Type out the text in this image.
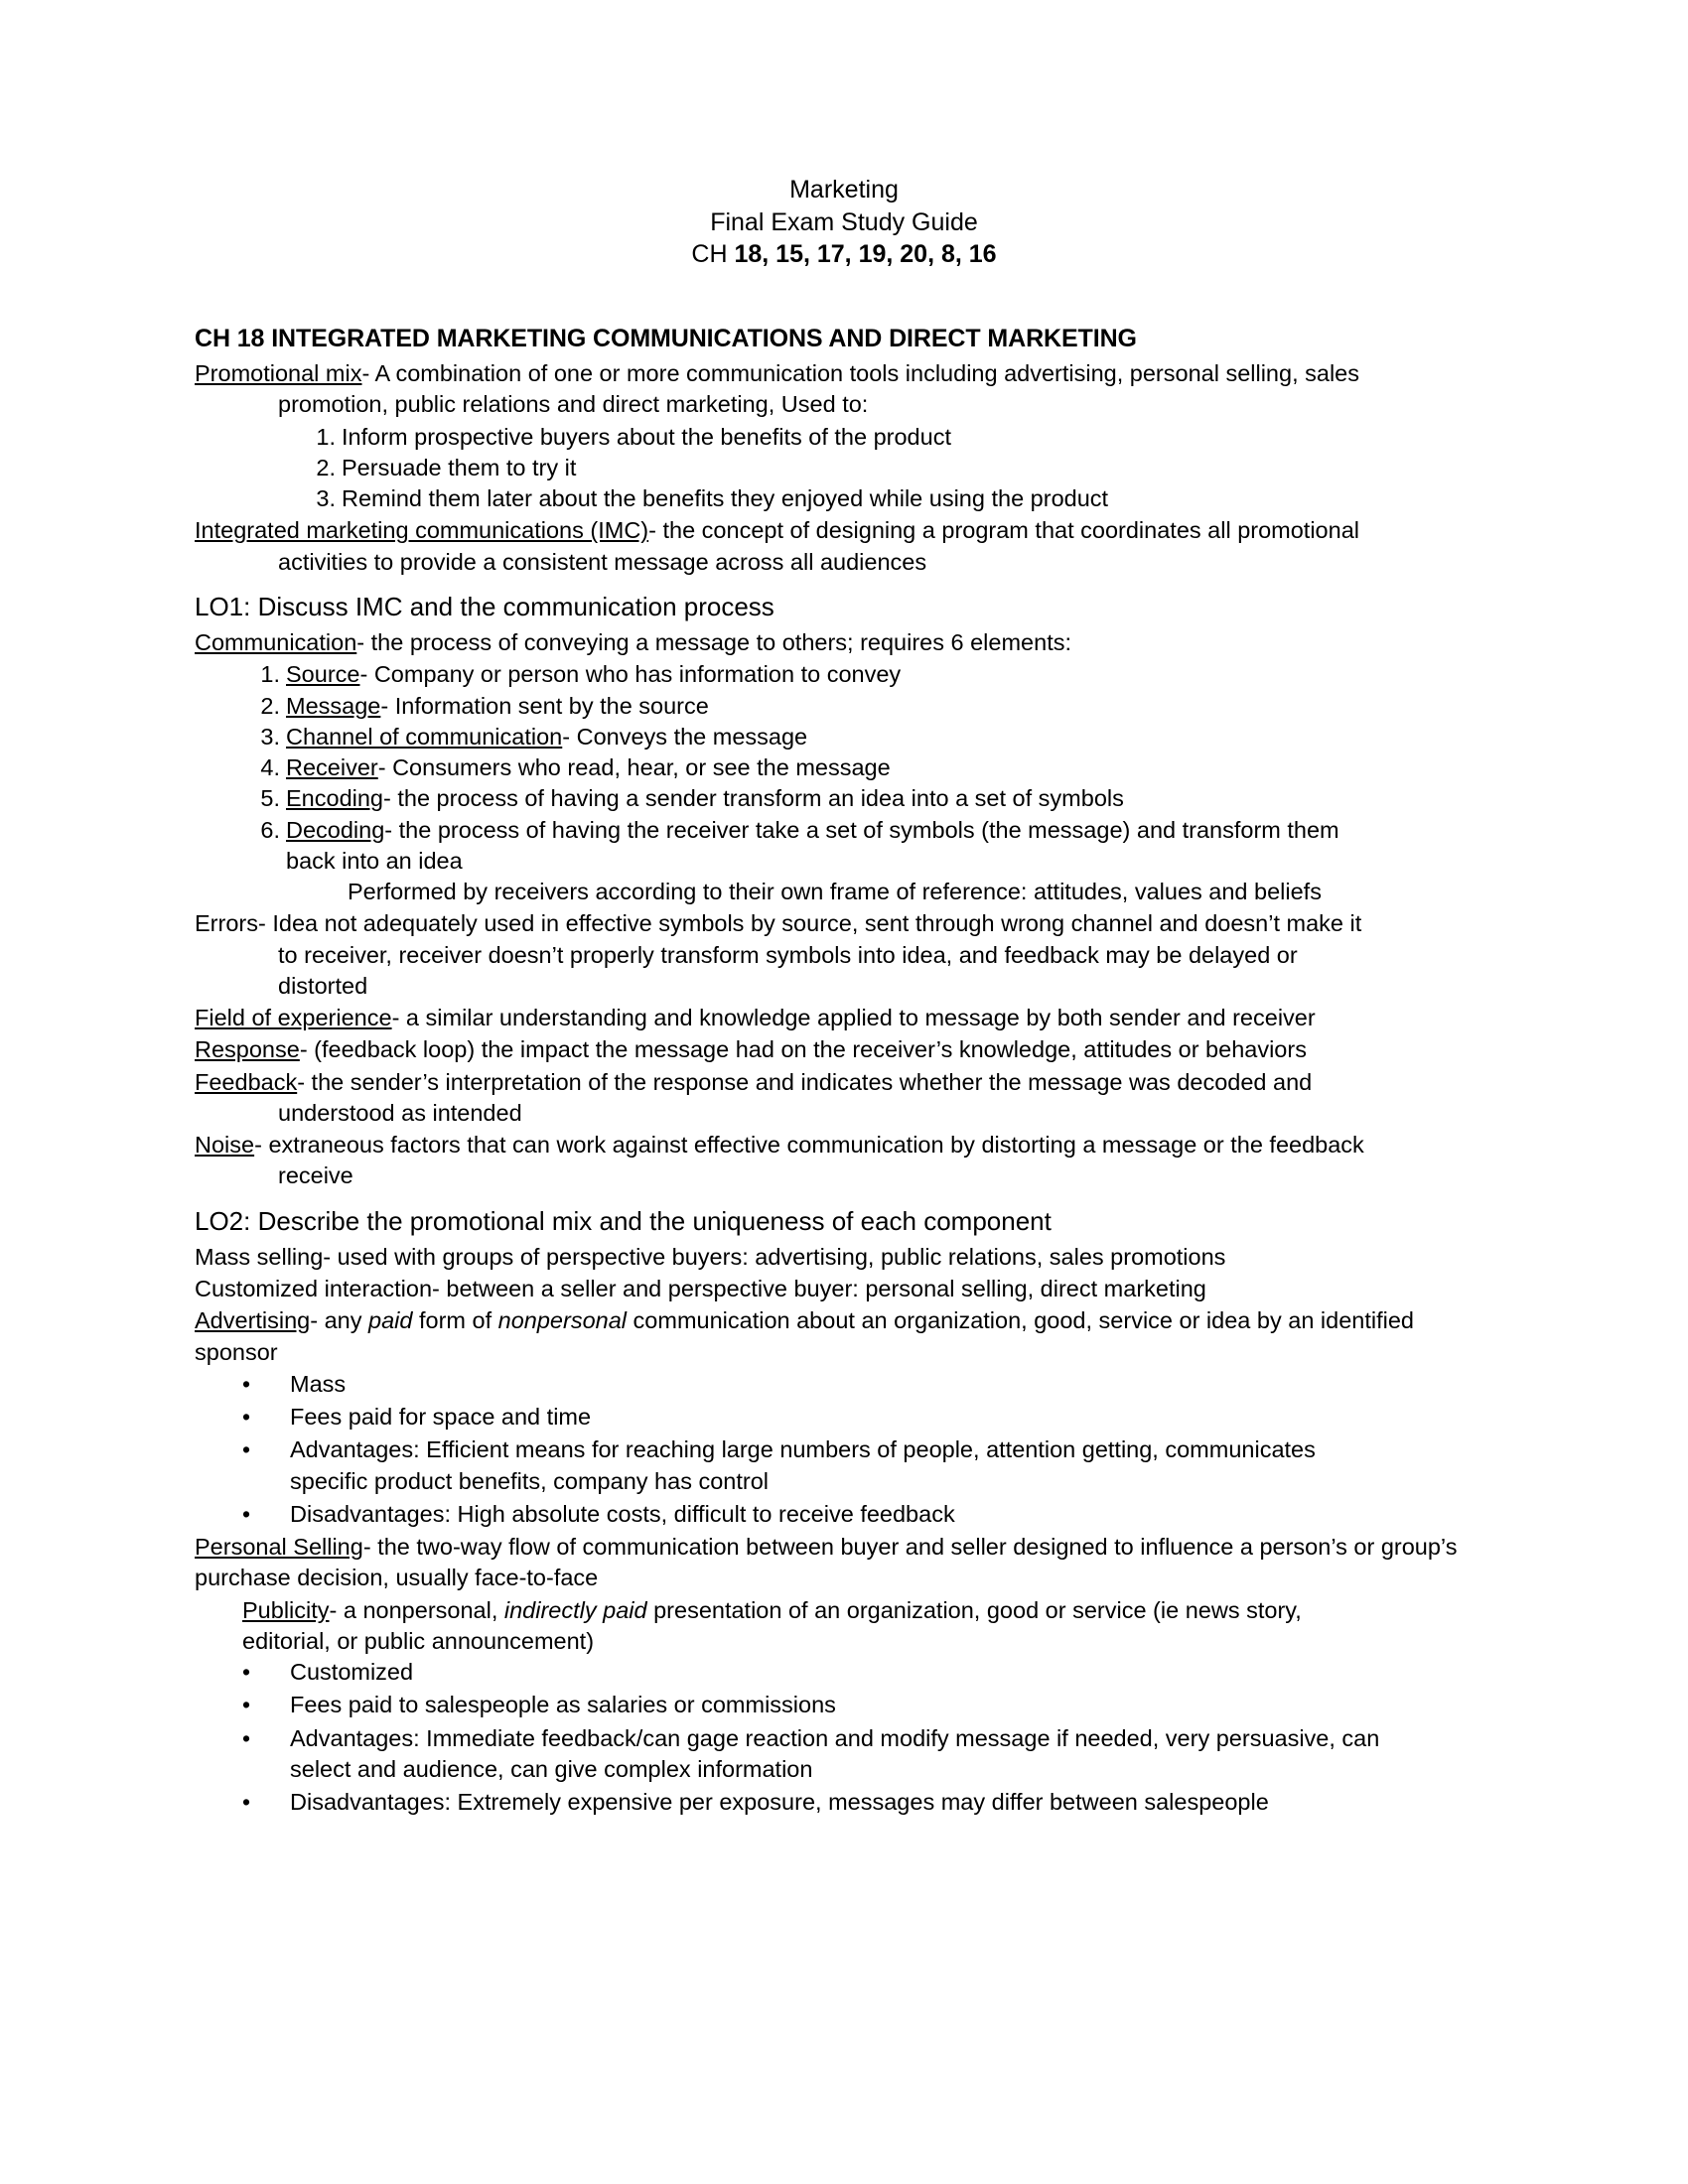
Marketing
Final Exam Study Guide
CH 18, 15, 17, 19, 20, 8, 16
CH 18 INTEGRATED MARKETING COMMUNICATIONS AND DIRECT MARKETING

Promotional mix- A combination of one or more communication tools including advertising, personal selling, sales
promotion, public relations and direct marketing, Used to:

1. Inform prospective buyers about the benefits of the product
2. Persuade them to try it
3. Remind them later about the benefits they enjoyed while using the product

Integrated marketing communications (IMC)- the concept of designing a program that coordinates all promotional
activities to provide a consistent message across all audiences

LO1: Discuss IMC and the communication process

Communication- the process of conveying a message to others; requires 6 elements:

1. Source- Company or person who has information to convey
2. Message- Information sent by the source
3. Channel of communication- Conveys the message
4. Receiver- Consumers who read, hear, or see the message
5. Encoding- the process of having a sender transform an idea into a set of symbols
6. Decoding- the process of having the receiver take a set of symbols (the message) and transform them
back into an idea
Performed by receivers according to their own frame of reference: attitudes, values and beliefs

Errors- Idea not adequately used in effective symbols by source, sent through wrong channel and doesn’t make it
to receiver, receiver doesn’t properly transform symbols into idea, and feedback may be delayed or
distorted

Field of experience- a similar understanding and knowledge applied to message by both sender and receiver

Response- (feedback loop) the impact the message had on the receiver’s knowledge, attitudes or behaviors

Feedback- the sender’s interpretation of the response and indicates whether the message was decoded and
understood as intended

Noise- extraneous factors that can work against effective communication by distorting a message or the feedback
receive

LO2: Describe the promotional mix and the uniqueness of each component

Mass selling- used with groups of perspective buyers: advertising, public relations, sales promotions

Customized interaction- between a seller and perspective buyer: personal selling, direct marketing

Advertising- any paid form of nonpersonal communication about an organization, good, service or idea by an identified sponsor

• Mass
• Fees paid for space and time
• Advantages: Efficient means for reaching large numbers of people, attention getting, communicates
specific product benefits, company has control
• Disadvantages: High absolute costs, difficult to receive feedback

Personal Selling- the two-way flow of communication between buyer and seller designed to influence a person’s or group’s purchase decision, usually face-to-face

Publicity- a nonpersonal, indirectly paid presentation of an organization, good or service (ie news story,
editorial, or public announcement)
• Customized
• Fees paid to salespeople as salaries or commissions
• Advantages: Immediate feedback/can gage reaction and modify message if needed, very persuasive, can
select and audience, can give complex information
• Disadvantages: Extremely expensive per exposure, messages may differ between salespeople
